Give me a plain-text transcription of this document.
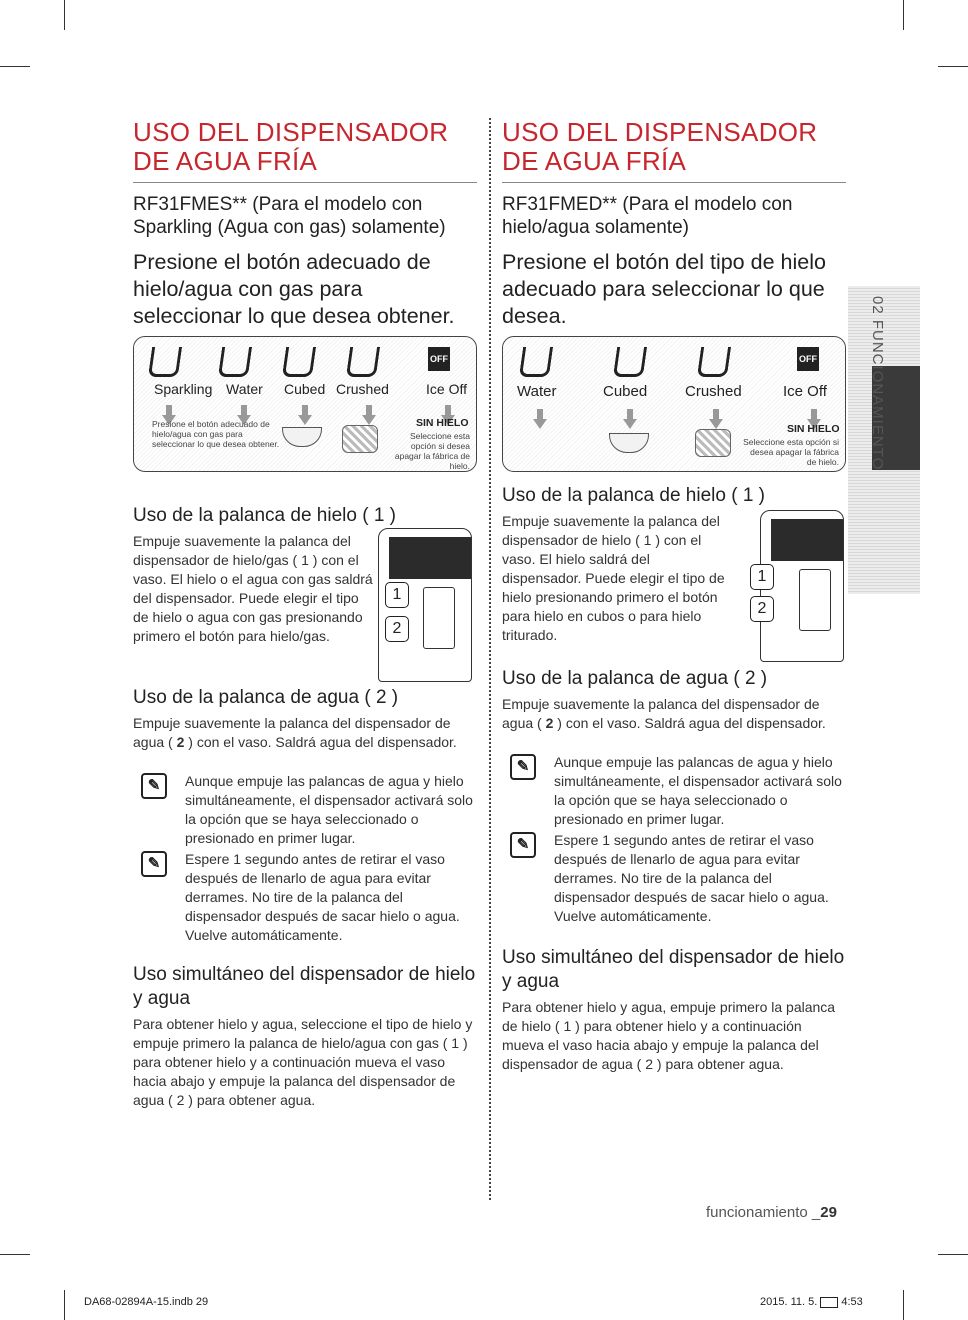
USO DEL DISPENSADOR DE AGUA FRÍA
RF31FMES** (Para el modelo con Sparkling (Agua con gas) solamente)
Presione el botón adecuado de hielo/agua con gas para seleccionar lo que desea obtener.
OFF
Sparkling Water Cubed Crushed	Ice Off
Presione el botón adecuado de hielo/agua con gas para seleccionar lo que desea obtener.
SIN HIELO
Seleccione esta opción si desea apagar la fábrica de hielo.
Uso de la palanca de hielo ( 1 )

Empuje suavemente la palanca del dispensador de hielo/gas ( 1 ) con el vaso. El hielo o el agua con gas saldrá del dispensador. Puede elegir el tipo de hielo o agua con gas presionando primero el botón para hielo/gas.

1
2
Uso de la palanca de agua ( 2 )

Empuje suavemente la palanca del dispensador de agua ( 2 ) con el vaso. Saldrá agua del dispensador.

✎	Aunque empuje las palancas de agua y hielo simultáneamente, el dispensador activará solo la opción que se haya seleccionado o presionado en primer lugar.
✎	Espere 1 segundo antes de retirar el vaso después de llenarlo de agua para evitar derrames. No tire de la palanca del dispensador después de sacar hielo o agua. Vuelve automáticamente.
Uso simultáneo del dispensador de hielo y agua

Para obtener hielo y agua, seleccione el tipo de hielo y empuje primero la palanca de hielo/agua con gas ( 1 ) para obtener hielo y a continuación mueva el vaso hacia abajo y empuje la palanca del dispensador de agua ( 2 ) para obtener agua.

USO DEL DISPENSADOR DE AGUA FRÍA
RF31FMED** (Para el modelo con hielo/agua solamente)
Presione el botón del tipo de hielo adecuado para seleccionar lo que desea.
OFF
Water	Cubed	Crushed	Ice Off
SIN HIELO
Seleccione esta opción si desea apagar la fábrica de hielo.
Uso de la palanca de hielo ( 1 )

Empuje suavemente la palanca del dispensador de hielo ( 1 ) con el vaso. El hielo saldrá del dispensador. Puede elegir el tipo de hielo presionando primero el botón para hielo en cubos o para hielo triturado.

1
2
Uso de la palanca de agua ( 2 )

Empuje suavemente la palanca del dispensador de agua ( 2 ) con el vaso. Saldrá agua del dispensador.

✎	Aunque empuje las palancas de agua y hielo simultáneamente, el dispensador activará solo la opción que se haya seleccionado o presionado en primer lugar.
✎	Espere 1 segundo antes de retirar el vaso después de llenarlo de agua para evitar derrames. No tire de la palanca del dispensador después de sacar hielo o agua. Vuelve automáticamente.
Uso simultáneo del dispensador de hielo y agua

Para obtener hielo y agua, empuje primero la palanca de hielo ( 1 ) para obtener hielo y a continuación mueva el vaso hacia abajo y empuje la palanca del dispensador de agua ( 2 ) para obtener agua.

02 FUNCIONAMIENTO
funcionamiento _29
DA68-02894A-15.indb 29	2015. 11. 5. 4:53
